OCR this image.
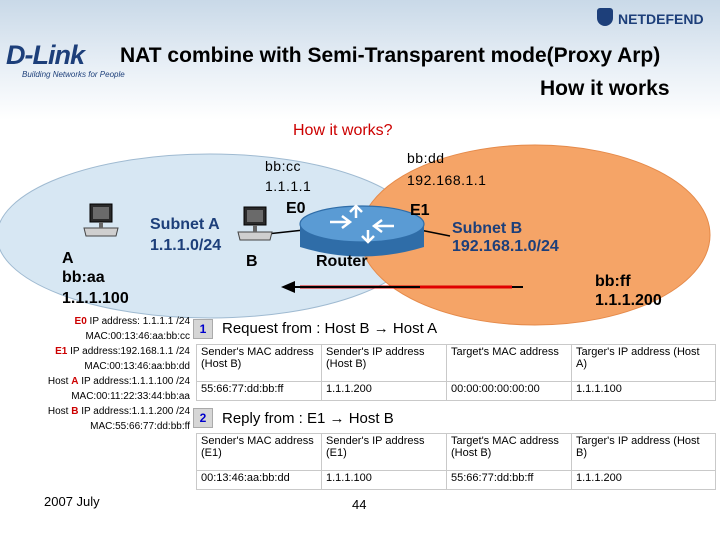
D-Link
Building Networks for People
NETDEFEND
NAT combine with Semi-Transparent mode(Proxy Arp)
How it works
How it works?
bb:cc
1.1.1.1
bb:dd
192.168.1.1
E0	E1
Subnet A
1.1.1.0/24
B	Router
Subnet B
192.168.1.0/24
A
bb:aa
1.1.1.100
bb:ff
1.1.1.200
E0 IP address: 1.1.1.1 /24
MAC:00:13:46:aa:bb:cc
E1 IP address:192.168.1.1 /24
MAC:00:13:46:aa:bb:dd
Host A IP address:1.1.1.100 /24
MAC:00:11:22:33:44:bb:aa
Host B IP address:1.1.1.200 /24
MAC:55:66:77:dd:bb:ff
1	Request from : Host B → Host A
Sender's MAC address (Host B)	Sender's IP address (Host B)	Target's MAC address	Targer's IP address (Host A)
55:66:77:dd:bb:ff	1.1.1.200	00:00:00:00:00:00	1.1.1.100
2	Reply from : E1 → Host B
Sender's MAC address (E1)	Sender's IP address (E1)	Target's MAC address (Host B)	Targer's IP address (Host B)
00:13:46:aa:bb:dd	1.1.1.100	55:66:77:dd:bb:ff	1.1.1.200
2007 July	44
